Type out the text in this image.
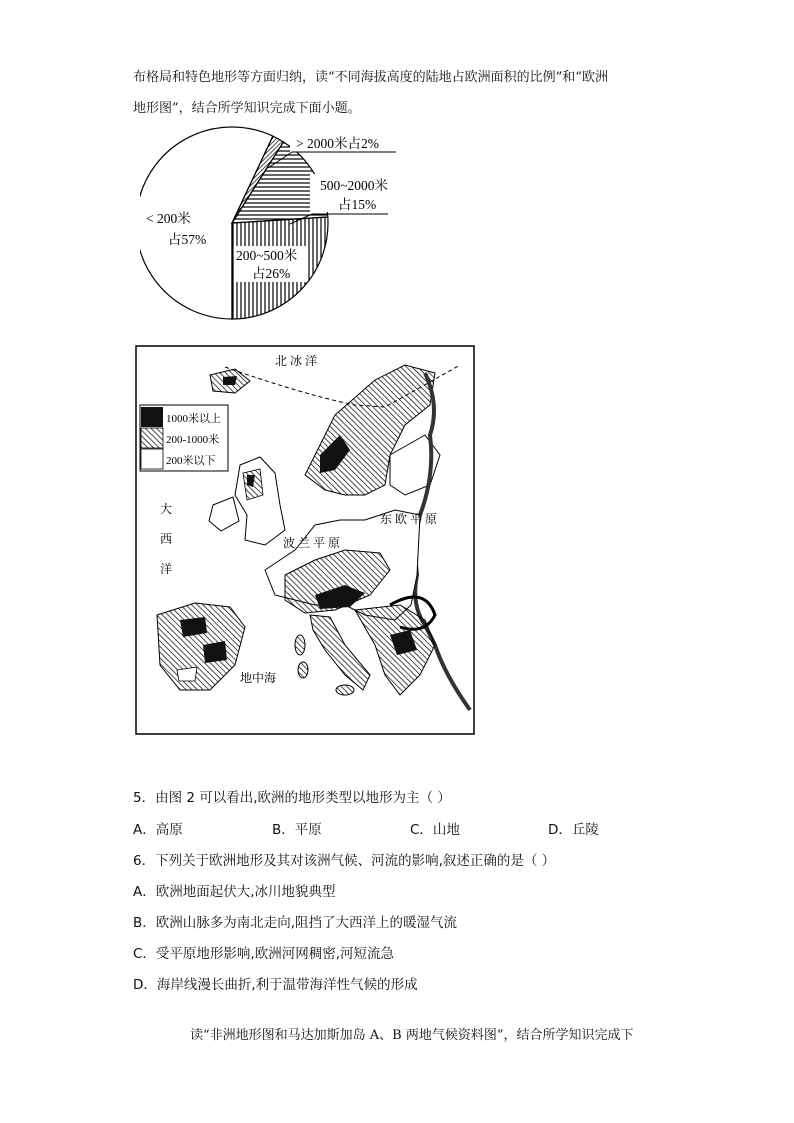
布格局和特色地形等方面归纳，读“不同海拔高度的陆地占欧洲面积的比例”和“欧洲

地形图”，结合所学知识完成下面小题。

< 200米
占57%
200~500米
占26%
500~2000米
占15%
> 2000米占2%
1000米以上
200-1000米
200米以下
北 冰 洋
大
西
洋
东 欧 平 原
波 兰 平 原
地中海
5．由图 2 可以看出,欧洲的地形类型以地形为主（ ）
A．高原	B．平原	C．山地	D．丘陵
6．下列关于欧洲地形及其对该洲气候、河流的影响,叙述正确的是（ ）
A．欧洲地面起伏大,冰川地貌典型
B．欧洲山脉多为南北走向,阻挡了大西洋上的暖湿气流
C．受平原地形影响,欧洲河网稠密,河短流急
D．海岸线漫长曲折,利于温带海洋性气候的形成
读“非洲地形图和马达加斯加岛 A、B 两地气候资料图”，结合所学知识完成下
